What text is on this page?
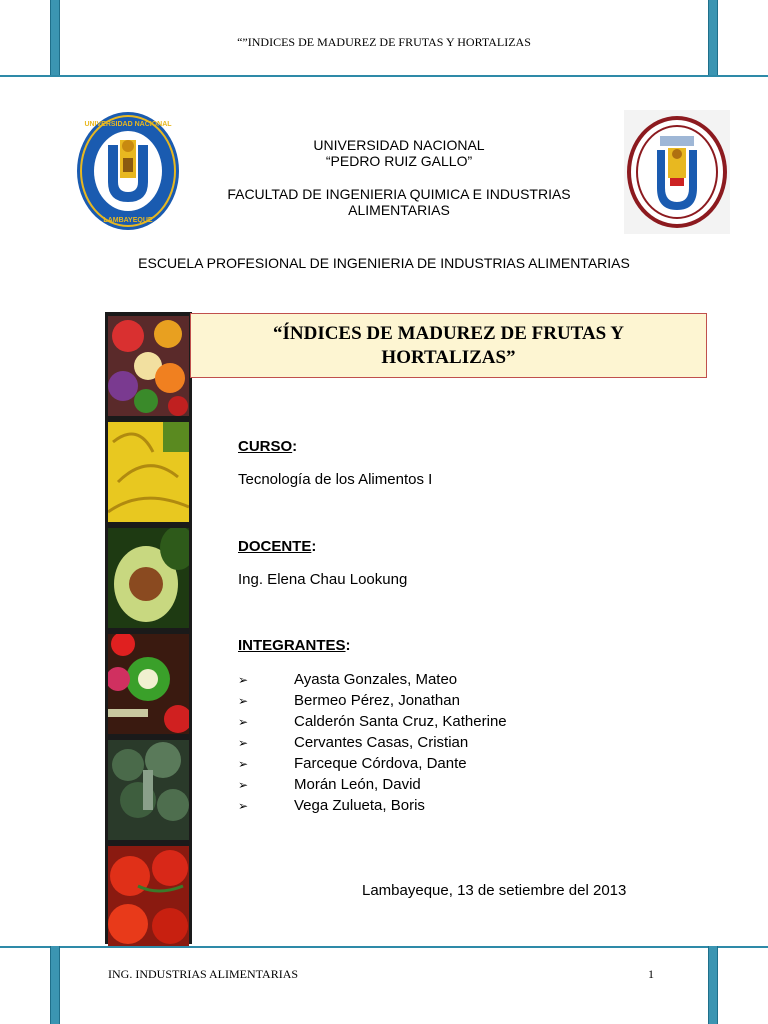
“”INDICES DE MADUREZ DE FRUTAS Y HORTALIZAS
UNIVERSIDAD NACIONAL
LAMBAYEQUE
UNIVERSIDAD NACIONAL
“PEDRO RUIZ GALLO”
FACULTAD DE INGENIERIA QUIMICA E INDUSTRIAS
ALIMENTARIAS
ESCUELA PROFESIONAL DE INGENIERIA DE INDUSTRIAS ALIMENTARIAS
“ÍNDICES DE MADUREZ DE FRUTAS Y
HORTALIZAS”
CURSO:
Tecnología de los Alimentos I
DOCENTE:
Ing. Elena Chau Lookung
INTEGRANTES:
➢	Ayasta Gonzales, Mateo
➢	Bermeo Pérez, Jonathan
➢	Calderón Santa Cruz, Katherine
➢	Cervantes Casas, Cristian
➢	Farceque Córdova, Dante
➢	Morán León, David
➢	Vega Zulueta, Boris
Lambayeque, 13 de setiembre del 2013
ING. INDUSTRIAS ALIMENTARIAS	1
